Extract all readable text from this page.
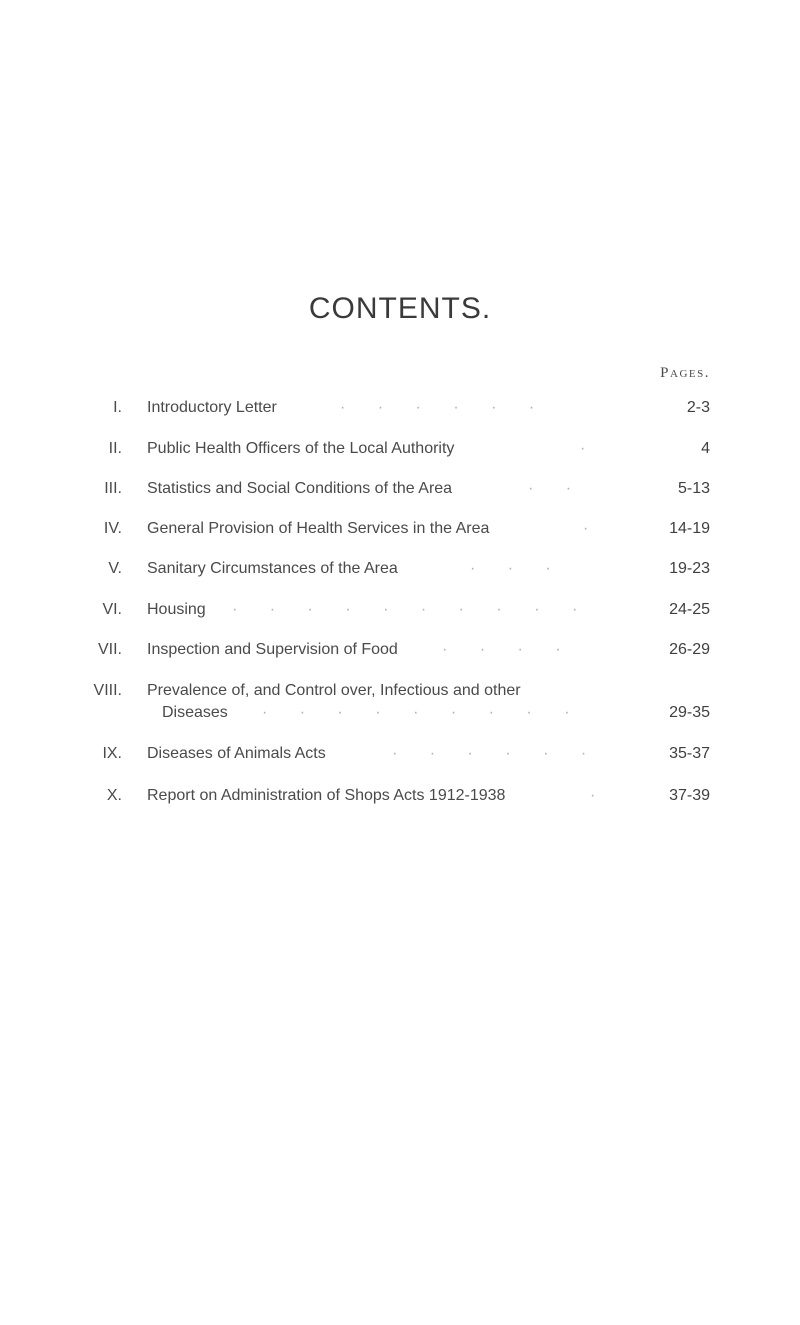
CONTENTS.
Pages.
I. Introductory Letter	· · · · · ·	2-3
II. Public Health Officers of the Local Authority	·	4
III. Statistics and Social Conditions of the Area	· ·	5-13
IV. General Provision of Health Services in the Area	·	14-19
V. Sanitary Circumstances of the Area	· · ·	19-23
VI. Housing · · · · · · · · · ·	24-25
VII. Inspection and Supervision of Food	· · · ·	26-29
VIII. Prevalence of, and Control over, Infectious and other
Diseases · · · · · · · · ·	29-35
IX. Diseases of Animals Acts	· · · · · ·	35-37
X. Report on Administration of Shops Acts 1912-1938	·	37-39
